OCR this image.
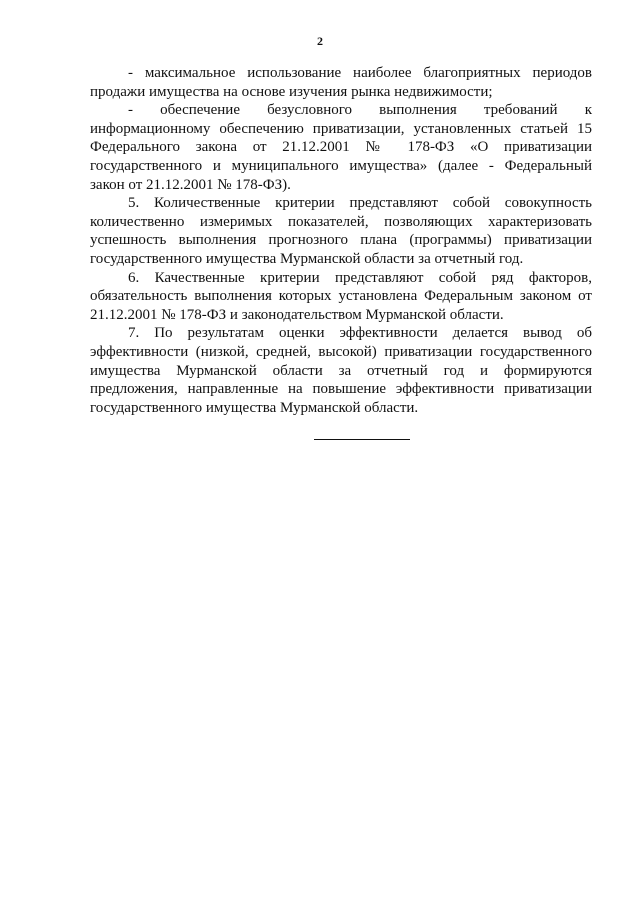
2

- максимальное использование наиболее благоприятных периодов
продажи имущества на основе изучения рынка недвижимости;

- обеспечение безусловного выполнения требований к
информационному обеспечению приватизации, установленных статьей 15
Федерального закона от 21.12.2001 № 178-ФЗ «О приватизации
государственного и муниципального имущества» (далее - Федеральный
закон от 21.12.2001 № 178-ФЗ).

5. Количественные критерии представляют собой совокупность
количественно измеримых показателей, позволяющих характеризовать
успешность выполнения прогнозного плана (программы) приватизации
государственного имущества Мурманской области за отчетный год.

6. Качественные критерии представляют собой ряд факторов,
обязательность выполнения которых установлена Федеральным законом от
21.12.2001 № 178-ФЗ и законодательством Мурманской области.

7. По результатам оценки эффективности делается вывод об
эффективности (низкой, средней, высокой) приватизации государственного
имущества Мурманской области за отчетный год и формируются
предложения, направленные на повышение эффективности приватизации
государственного имущества Мурманской области.
